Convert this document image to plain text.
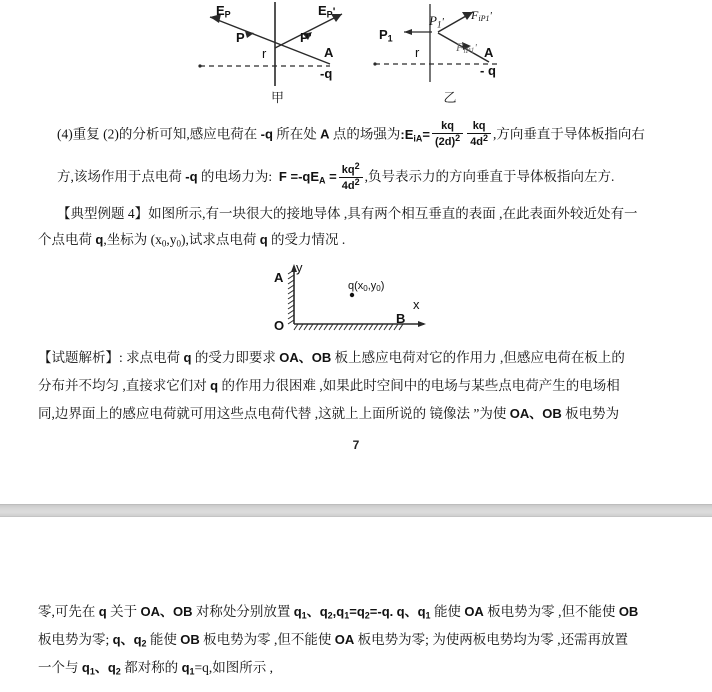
$E_P$	$E_P'$
P	P'
r	A
-q
甲
$P_1$
$P_1'$ $F_{iP1}'$
$F_{iP1}'$
r	A
- q
乙
(4)重复 (2)的分析可知,感应电荷在 -q 所在处 A 点的场强为$:E_{iA}= \frac{kq}{(2d)^2} \frac{kq}{4d^2}$ ,方向垂直于导体板指向右
方,该场作用于点电荷 -q 的电场力为: $F =-qE_A = \frac{kq^2}{4d^2}$ ,负号表示力的方向垂直于导体板指向左方.
【典型例题 4】如图所示,有一块很大的接地导体 ,具有两个相互垂直的表面 ,在此表面外较近处有一
个点电荷 q,坐标为 $(x_0,y_0)$,试求点电荷 q 的受力情况 .
A
O	B
x
y
$q(x_0,y_0)$
【试题解析】: 求点电荷 q 的受力即要求 OA、OB 板上感应电荷对它的作用力 ,但感应电荷在板上的
分布并不均匀 ,直接求它们对 q 的作用力很困难 ,如果此时空间中的电场与某些点电荷产生的电场相
同,边界面上的感应电荷就可用这些点电荷代替 ,这就上上面所说的 镜像法 ”为使 OA、OB 板电势为
7
零,可先在 q 关于 OA、OB 对称处分别放置 $q_1$、$q_2,q_1=q_2=-q$. q、$q_1$ 能使 OA 板电势为零 ,但不能使 OB
板电势为零; q、$q_2$ 能使 OB 板电势为零 ,但不能使 OA 板电势为零; 为使两板电势均为零 ,还需再放置
一个与 $q_1$、$q_2$ 都对称的 $q_1=q$,如图所示 ,
